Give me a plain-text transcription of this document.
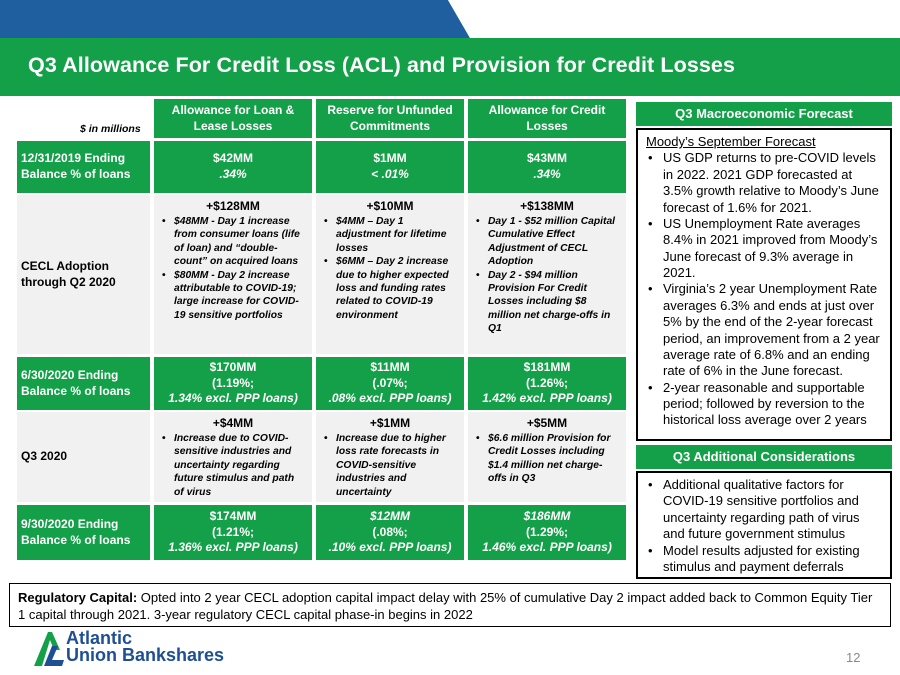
Q3 Allowance For Credit Loss (ACL) and Provision for Credit Losses
$ in millions
Allowance for Loan & Lease Losses
Reserve for Unfunded Commitments
Allowance for Credit Losses
12/31/2019 Ending Balance % of loans
$42MM
.34%
$1MM
< .01%
$43MM
.34%
CECL Adoption through Q2 2020
+$128MM
• $48MM - Day 1 increase from consumer loans (life of loan) and “double-count” on acquired loans
• $80MM - Day 2 increase attributable to COVID-19; large increase for COVID-19 sensitive portfolios
+$10MM
• $4MM – Day 1 adjustment for lifetime losses
• $6MM – Day 2 increase due to higher expected loss and funding rates related to COVID-19 environment
+$138MM
• Day 1 - $52 million Capital Cumulative Effect Adjustment of CECL Adoption
• Day 2 - $94 million Provision For Credit Losses including $8 million net charge-offs in Q1
6/30/2020 Ending Balance % of loans
$170MM
(1.19%;
1.34% excl. PPP loans)
$11MM
(.07%;
.08% excl. PPP loans)
$181MM
(1.26%;
1.42% excl. PPP loans)
Q3 2020
+$4MM
• Increase due to COVID-sensitive industries and uncertainty regarding future stimulus and path of virus
+$1MM
• Increase due to higher loss rate forecasts in COVID-sensitive industries and uncertainty
+$5MM
• $6.6 million Provision for Credit Losses including $1.4 million net charge-offs in Q3
9/30/2020 Ending Balance % of loans
$174MM
(1.21%;
1.36% excl. PPP loans)
$12MM
(.08%;
.10% excl. PPP loans)
$186MM
(1.29%;
1.46% excl. PPP loans)
Q3 Macroeconomic Forecast
Moody’s September Forecast
• US GDP returns to pre-COVID levels in 2022. 2021 GDP forecasted at 3.5% growth relative to Moody’s June forecast of 1.6% for 2021.
• US Unemployment Rate averages 8.4% in 2021 improved from Moody’s June forecast of 9.3% average in 2021.
• Virginia’s 2 year Unemployment Rate averages 6.3% and ends at just over 5% by the end of the 2-year forecast period, an improvement from a 2 year average rate of 6.8% and an ending rate of 6% in the June forecast.
• 2-year reasonable and supportable period; followed by reversion to the historical loss average over 2 years
Q3 Additional Considerations
• Additional qualitative factors for COVID-19 sensitive portfolios and uncertainty regarding path of virus and future government stimulus
• Model results adjusted for existing stimulus and payment deferrals
Regulatory Capital: Opted into 2 year CECL adoption capital impact delay with 25% of cumulative Day 2 impact added back to Common Equity Tier 1 capital through 2021. 3-year regulatory CECL capital phase-in begins in 2022
Atlantic
Union Bankshares	12
